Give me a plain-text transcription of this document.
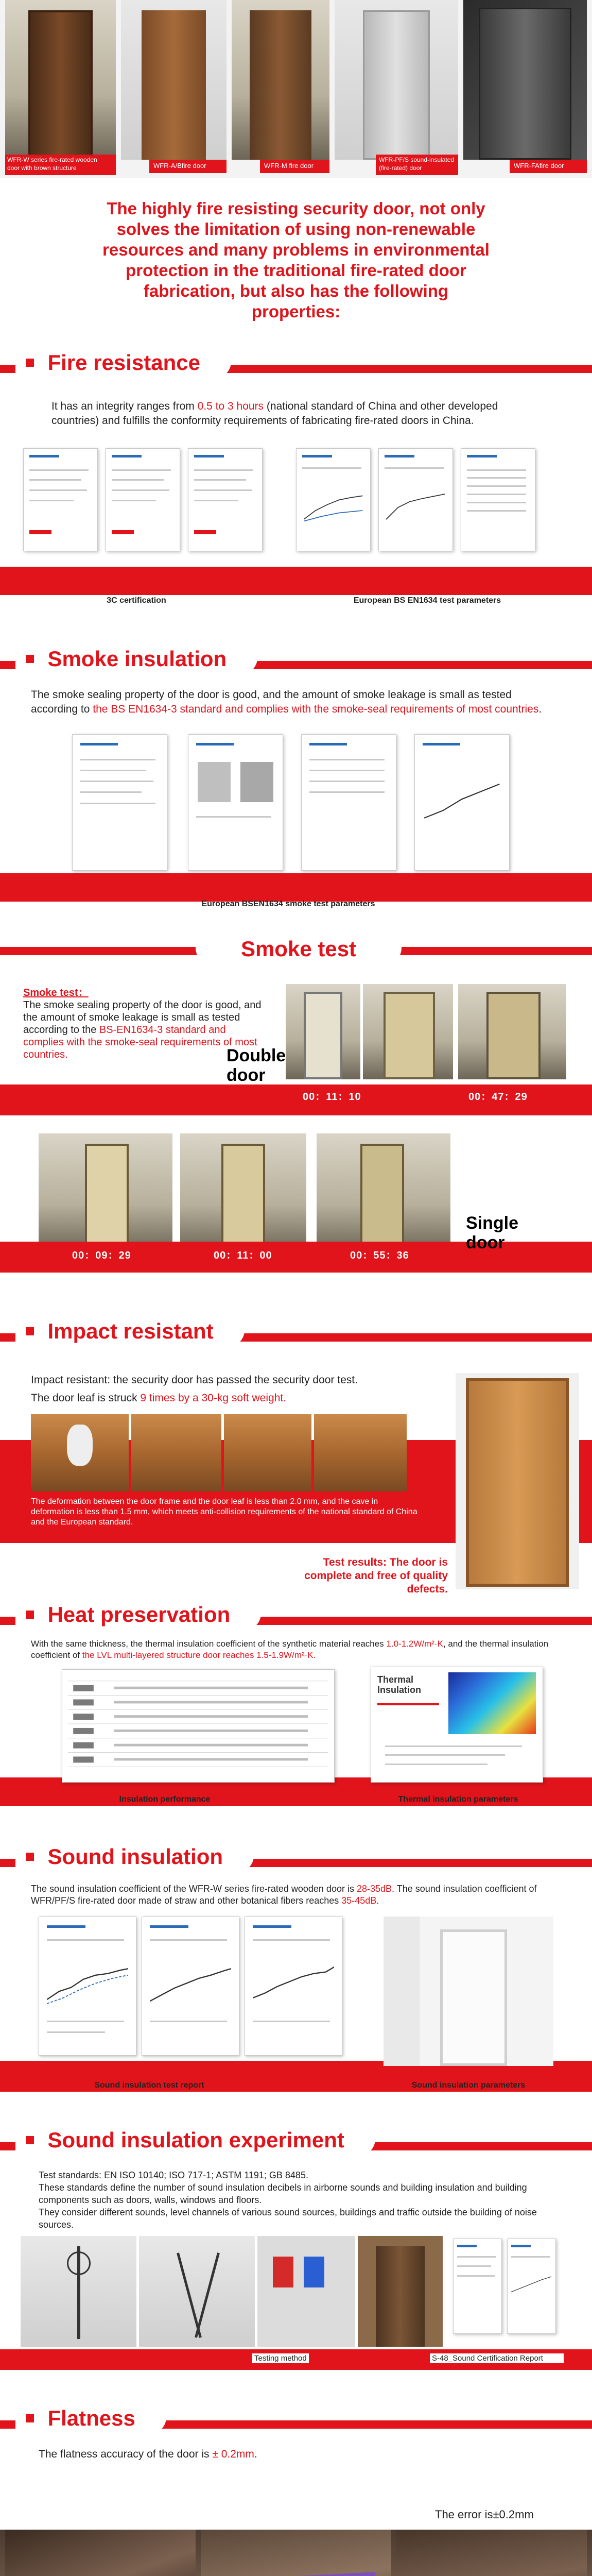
WFR-W series fire-rated wooden door with brown structure	WFR-A/Bfire door	WFR-M fire door
WFR-PF/S sound-insulated (fire-rated) door	WFR-FAfire door
The highly fire resisting security door, not only solves the limitation of using non-renewable resources and many problems in environmental protection in the traditional fire-rated door fabrication, but also has the following properties:
Fire resistance
It has an integrity ranges from 0.5 to 3 hours (national standard of China and other developed countries) and fulfills the conformity requirements of fabricating fire-rated doors in China.

3C certification	European BS EN1634 test parameters
Smoke insulation
The smoke sealing property of the door is good, and the amount of smoke leakage is small as tested according to the BS EN1634-3 standard and complies with the smoke-seal requirements of most countries.

European BSEN1634 smoke test parameters
Smoke test
Smoke test：
The smoke sealing property of the door is good, and the amount of smoke leakage is small as tested according to the BS-EN1634-3 standard and complies with the smoke-seal requirements of most countries.	Double door
00：11：10	00：47：29
00：09：29	00：11：00	00：55：36
Single door
Impact resistant
Impact resistant: the security door has passed the security door test.
The door leaf is struck 9 times by a 30-kg soft weight.
The deformation between the door frame and the door leaf is less than 2.0 mm, and the cave in deformation is less than 1.5 mm, which meets anti-collision requirements of the national standard of China and the European standard.
Test results: The door is complete and free of quality defects.
Heat preservation
With the same thickness, the thermal insulation coefficient of the synthetic material reaches 1.0-1.2W/m²·K, and the thermal insulation coefficient of the LVL multi-layered structure door reaches 1.5-1.9W/m²·K.
Thermal Insulation

Insulation performance	Thermal insulation parameters
Sound insulation
The sound insulation coefficient of the WFR-W series fire-rated wooden door is 28-35dB. The sound insulation coefficient of WFR/PF/S fire-rated door made of straw and other botanical fibers reaches 35-45dB.

Sound insulation test report	Sound insulation parameters
Sound insulation experiment
Test standards: EN ISO 10140; ISO 717-1; ASTM 1191; GB 8485.
These standards define the number of sound insulation decibels in airborne sounds and building insulation and building components such as doors, walls, windows and floors.
They consider different sounds, level channels of various sound sources, buildings and traffic outside the building of noise sources.
Testing method	S-48_Sound Certification Report
Flatness
The flatness accuracy of the door is ± 0.2mm.
The error is±0.2mm
